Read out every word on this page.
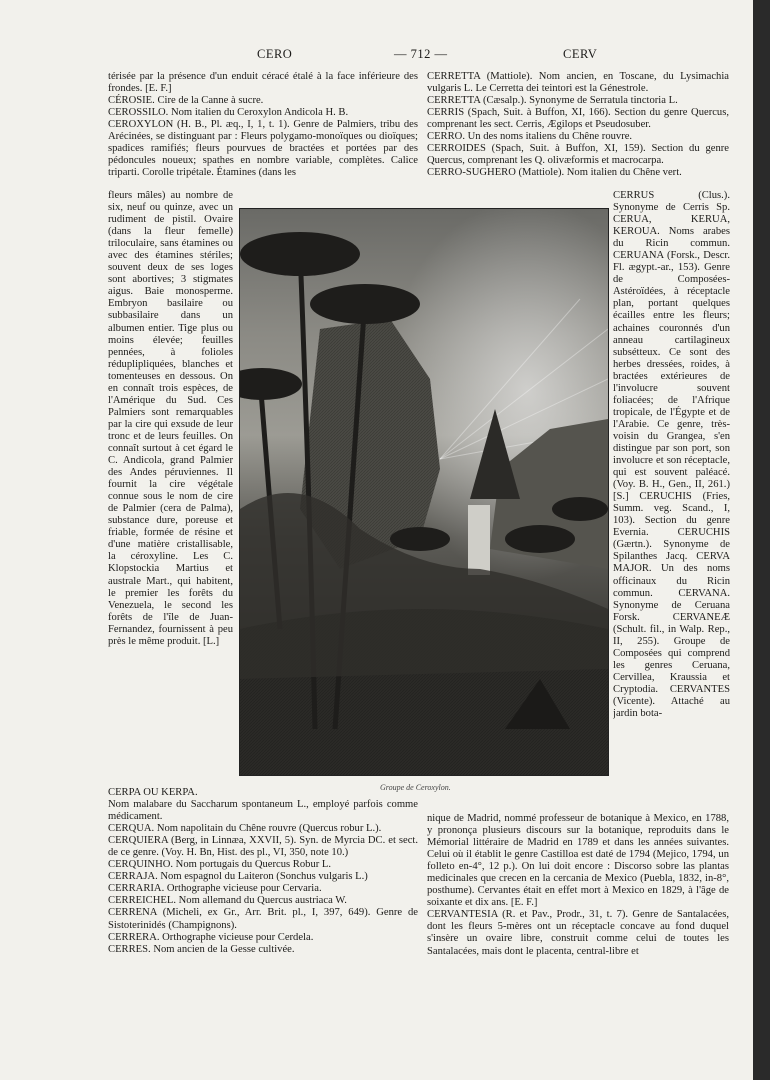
CERO	— 712 —	CERV

térisée par la présence d'un enduit céracé étalé à la face inférieure des frondes. [E. F.]

CÉROSIE. Cire de la Canne à sucre.

CEROSSILO. Nom italien du Ceroxylon Andicola H. B.

CEROXYLON (H. B., Pl. æq., I, 1, t. 1). Genre de Palmiers, tribu des Arécinées, se distinguant par : Fleurs polygamo-monoïques ou dioïques; spadices ramifiés; fleurs pourvues de bractées et portées par des pédoncules noueux; spathes en nombre variable, complètes. Calice triparti. Corolle tripétale. Étamines (dans les

fleurs mâles) au nombre de six, neuf ou quinze, avec un rudiment de pistil. Ovaire (dans la fleur femelle) triloculaire, sans étamines ou avec des étamines stériles; souvent deux de ses loges sont abortives; 3 stigmates aigus. Baie monosperme. Embryon basilaire ou subbasilaire dans un albumen entier. Tige plus ou moins élevée; feuilles pennées, à folioles réduplipliquées, blanches et tomenteuses en dessous. On en connaît trois espèces, de l'Amérique du Sud. Ces Palmiers sont remarquables par la cire qui exsude de leur tronc et de leurs feuilles. On connaît surtout à cet égard le C. Andicola, grand Palmier des Andes péruviennes. Il fournit la cire végétale connue sous le nom de cire de Palmier (cera de Palma), substance dure, poreuse et friable, formée de résine et d'une matière cristallisable, la céroxyline. Les C. Klopstockia Martius et australe Mart., qui habitent, le premier les forêts du Venezuela, le second les forêts de l'île de Juan-Fernandez, fournissent à peu près le même produit. [L.]
Groupe de Ceroxylon.

CERPA OU KERPA.

Nom malabare du Saccharum spontaneum L., employé parfois comme médicament.

CERQUA. Nom napolitain du Chêne rouvre (Quercus robur L.).

CERQUIERA (Berg, in Linnæa, XXVII, 5). Syn. de Myrcia DC. et sect. de ce genre. (Voy. H. Bn, Hist. des pl., VI, 350, note 10.)

CERQUINHO. Nom portugais du Quercus Robur L.

CERRAJA. Nom espagnol du Laiteron (Sonchus vulgaris L.)

CERRARIA. Orthographe vicieuse pour Cervaria.

CERREICHEL. Nom allemand du Quercus austriaca W.

CERRENA (Micheli, ex Gr., Arr. Brit. pl., I, 397, 649). Genre de Sistoterinidés (Champignons).

CERRERA. Orthographe vicieuse pour Cerdela.

CERRES. Nom ancien de la Gesse cultivée.

CERRETTA (Mattiole). Nom ancien, en Toscane, du Lysimachia vulgaris L. Le Cerretta dei teintori est la Génestrole.

CERRETTA (Cæsalp.). Synonyme de Serratula tinctoria L.

CERRIS (Spach, Suit. à Buffon, XI, 166). Section du genre Quercus, comprenant les sect. Cerris, Ægilops et Pseudosuber.

CERRO. Un des noms italiens du Chêne rouvre.

CERROIDES (Spach, Suit. à Buffon, XI, 159). Section du genre Quercus, comprenant les Q. olivæformis et macrocarpa.

CERRO-SUGHERO (Mattiole). Nom italien du Chêne vert.

CERRUS (Clus.). Synonyme de Cerris Sp. CERUA, KERUA, KEROUA. Noms arabes du Ricin commun. CERUANA (Forsk., Descr. Fl. ægypt.-ar., 153). Genre de Composées-Astéroïdées, à réceptacle plan, portant quelques écailles entre les fleurs; achaines couronnés d'un anneau cartilagineux subsétteux. Ce sont des herbes dressées, roides, à bractées extérieures de l'involucre souvent foliacées; de l'Afrique tropicale, de l'Égypte et de l'Arabie. Ce genre, très-voisin du Grangea, s'en distingue par son port, son involucre et son réceptacle, qui est souvent paléacé. (Voy. B. H., Gen., II, 261.) [S.] CERUCHIS (Fries, Summ. veg. Scand., I, 103). Section du genre Evernia. CERUCHIS (Gærtn.). Synonyme de Spilanthes Jacq. CERVA MAJOR. Un des noms officinaux du Ricin commun. CERVANA. Synonyme de Ceruana Forsk. CERVANEÆ (Schult. fil., in Walp. Rep., II, 255). Groupe de Composées qui comprend les genres Ceruana, Cervillea, Kraussia et Cryptodia. CERVANTES (Vicente). Attaché au jardin bota-

nique de Madrid, nommé professeur de botanique à Mexico, en 1788, y prononça plusieurs discours sur la botanique, reproduits dans le Mémorial littéraire de Madrid en 1789 et dans les années suivantes. Celui où il établit le genre Castilloa est daté de 1794 (Mejico, 1794, un folleto en-4°, 12 p.). On lui doit encore : Discorso sobre las plantas medicinales que crecen en la cercania de Mexico (Puebla, 1832, in-8°, posthume). Cervantes était en effet mort à Mexico en 1829, à l'âge de soixante et dix ans. [E. F.]

CERVANTESIA (R. et Pav., Prodr., 31, t. 7). Genre de Santalacées, dont les fleurs 5-mères ont un réceptacle concave au fond duquel s'insère un ovaire libre, construit comme celui de toutes les Santalacées, mais dont le placenta, central-libre et
